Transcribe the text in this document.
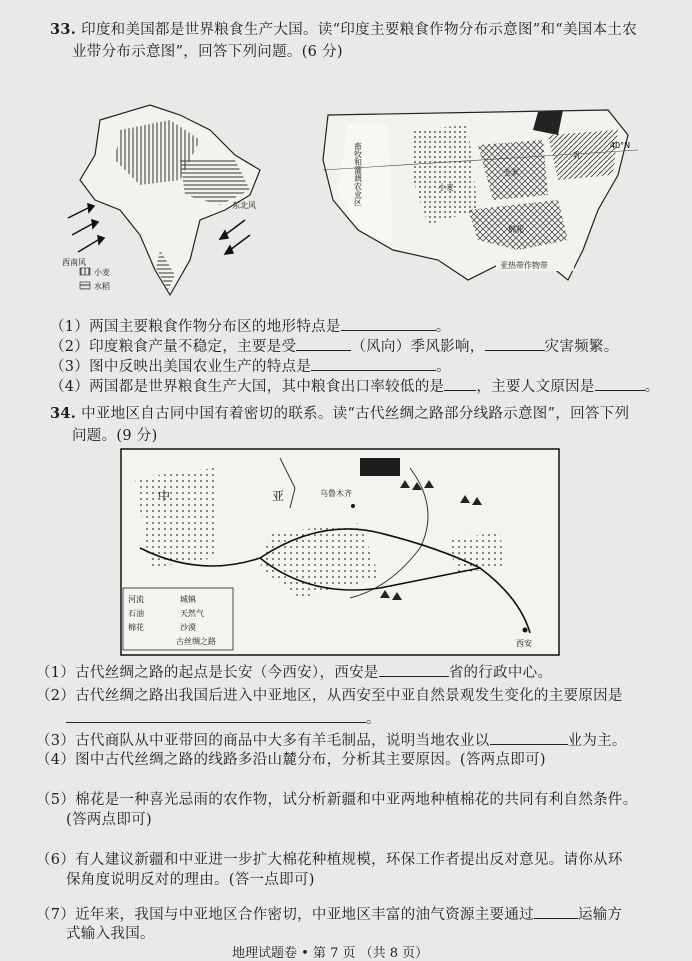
33. 印度和美国都是世界粮食生产大国。读“印度主要粮食作物分布示意图”和“美国本土农
业带分布示意图”，回答下列问题。(6 分)
西南风
东北风
小麦
水稻
40°N
畜牧和灌溉农业区	小麦
玉米
乳
棉花
亚热带作物带
（1）两国主要粮食作物分布区的地形特点是	。
（2）印度粮食产量不稳定，主要是受	（风向）季风影响，	灾害频繁。
（3）图中反映出美国农业生产的特点是	。
（4）两国都是世界粮食生产大国，其中粮食出口率较低的是 ，主要人文原因是	。
34. 中亚地区自古同中国有着密切的联系。读“古代丝绸之路部分线路示意图”，回答下列
问题。(9 分)
中	亚	乌鲁木齐
西安
河流	城镇
石油	天然气
棉花	沙漠
古丝绸之路
（1）古代丝绸之路的起点是长安（今西安），西安是	省的行政中心。
（2）古代丝绸之路出我国后进入中亚地区，从西安至中亚自然景观发生变化的主要原因是
。
（3）古代商队从中亚带回的商品中大多有羊毛制品，说明当地农业以	业为主。
（4）图中古代丝绸之路的线路多沿山麓分布，分析其主要原因。(答两点即可)
（5）棉花是一种喜光忌雨的农作物，试分析新疆和中亚两地种植棉花的共同有利自然条件。
(答两点即可)
（6）有人建议新疆和中亚进一步扩大棉花种植规模，环保工作者提出反对意见。请你从环
保角度说明反对的理由。(答一点即可)
（7）近年来，我国与中亚地区合作密切，中亚地区丰富的油气资源主要通过	运输方
式输入我国。
地理试题卷 • 第 7 页 （共 8 页）
